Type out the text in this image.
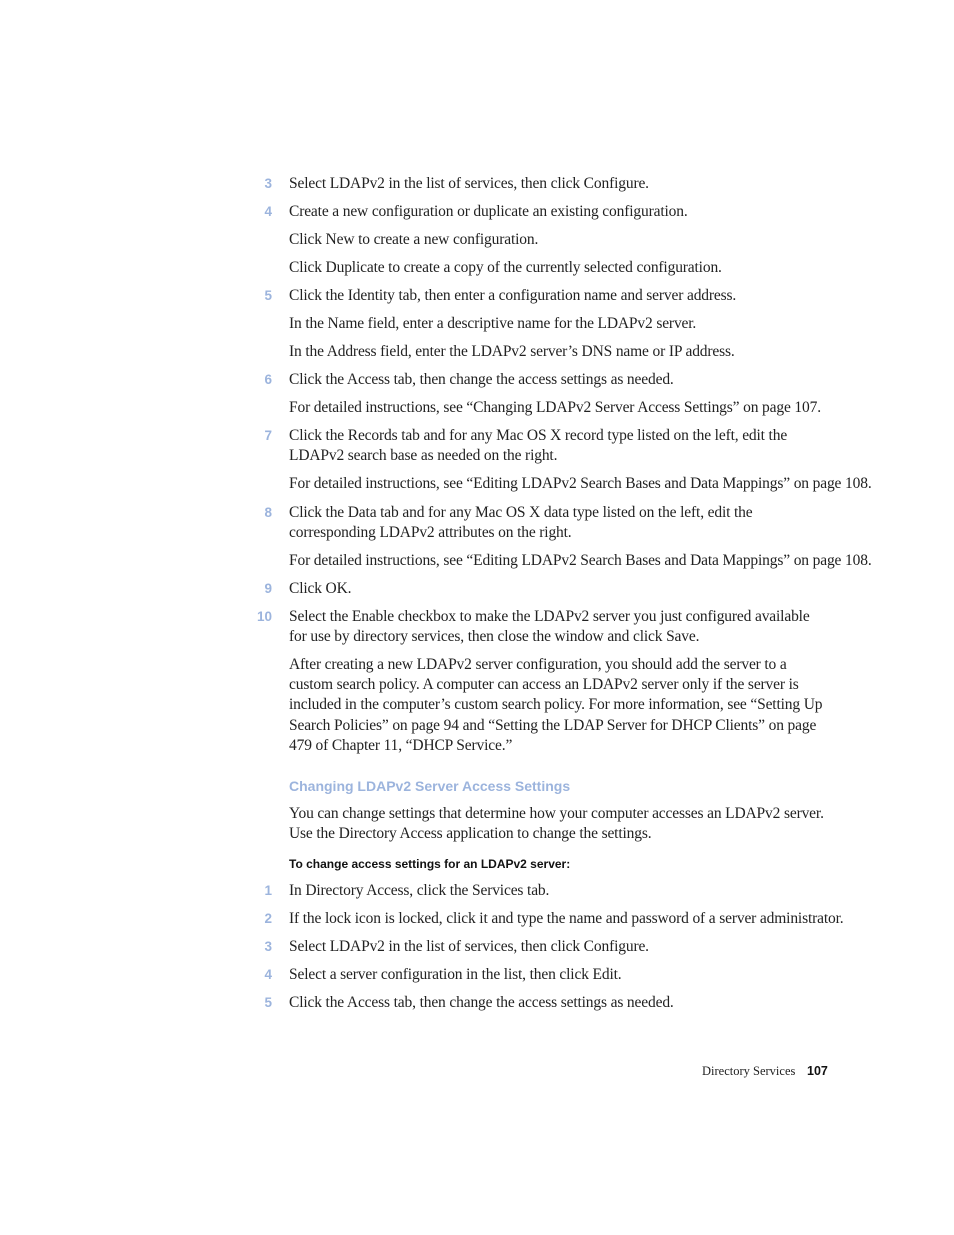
3 Select LDAPv2 in the list of services, then click Configure.
4 Create a new configuration or duplicate an existing configuration.
Click New to create a new configuration.
Click Duplicate to create a copy of the currently selected configuration.
5 Click the Identity tab, then enter a configuration name and server address.
In the Name field, enter a descriptive name for the LDAPv2 server.
In the Address field, enter the LDAPv2 server’s DNS name or IP address.
6 Click the Access tab, then change the access settings as needed.
For detailed instructions, see “Changing LDAPv2 Server Access Settings” on page 107.
7 Click the Records tab and for any Mac OS X record type listed on the left, edit the LDAPv2 search base as needed on the right.
For detailed instructions, see “Editing LDAPv2 Search Bases and Data Mappings” on page 108.
8 Click the Data tab and for any Mac OS X data type listed on the left, edit the corresponding LDAPv2 attributes on the right.
For detailed instructions, see “Editing LDAPv2 Search Bases and Data Mappings” on page 108.
9 Click OK.
10 Select the Enable checkbox to make the LDAPv2 server you just configured available for use by directory services, then close the window and click Save.
After creating a new LDAPv2 server configuration, you should add the server to a custom search policy. A computer can access an LDAPv2 server only if the server is included in the computer’s custom search policy. For more information, see “Setting Up Search Policies” on page 94 and “Setting the LDAP Server for DHCP Clients” on page 479 of Chapter 11, “DHCP Service.”
Changing LDAPv2 Server Access Settings
You can change settings that determine how your computer accesses an LDAPv2 server. Use the Directory Access application to change the settings.
To change access settings for an LDAPv2 server:
1 In Directory Access, click the Services tab.
2 If the lock icon is locked, click it and type the name and password of a server administrator.
3 Select LDAPv2 in the list of services, then click Configure.
4 Select a server configuration in the list, then click Edit.
5 Click the Access tab, then change the access settings as needed.
Directory Services 107
